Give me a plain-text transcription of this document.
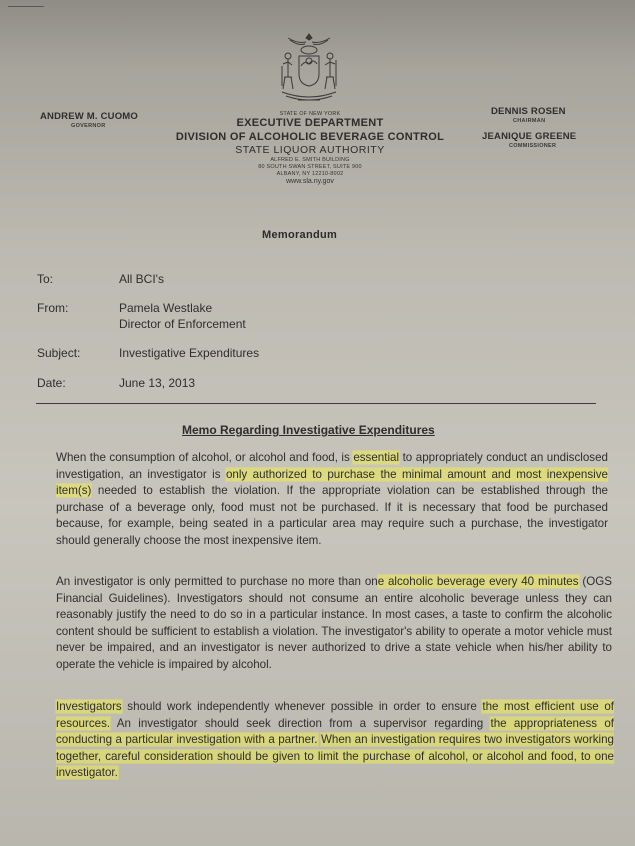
ANDREW M. CUOMO
GOVERNOR
DENNIS ROSEN
CHAIRMAN
JEANIQUE GREENE
COMMISSIONER
STATE OF NEW YORK
EXECUTIVE DEPARTMENT
DIVISION OF ALCOHOLIC BEVERAGE CONTROL
STATE LIQUOR AUTHORITY
ALFRED E. SMITH BUILDING
80 SOUTH SWAN STREET, SUITE 900
ALBANY, NY 12210-8002
www.sla.ny.gov
Memorandum
To:	All BCI's
From:	Pamela Westlake
Director of Enforcement
Subject:	Investigative Expenditures
Date:	June 13, 2013
Memo Regarding Investigative Expenditures
When the consumption of alcohol, or alcohol and food, is essential to appropriately conduct an undisclosed investigation, an investigator is only authorized to purchase the minimal amount and most inexpensive item(s) needed to establish the violation. If the appropriate violation can be established through the purchase of a beverage only, food must not be purchased. If it is necessary that food be purchased because, for example, being seated in a particular area may require such a purchase, the investigator should generally choose the most inexpensive item.
An investigator is only permitted to purchase no more than one alcoholic beverage every 40 minutes (OGS Financial Guidelines). Investigators should not consume an entire alcoholic beverage unless they can reasonably justify the need to do so in a particular instance. In most cases, a taste to confirm the alcoholic content should be sufficient to establish a violation. The investigator's ability to operate a motor vehicle must never be impaired, and an investigator is never authorized to drive a state vehicle when his/her ability to operate the vehicle is impaired by alcohol.
Investigators should work independently whenever possible in order to ensure the most efficient use of resources. An investigator should seek direction from a supervisor regarding the appropriateness of conducting a particular investigation with a partner. When an investigation requires two investigators working together, careful consideration should be given to limit the purchase of alcohol, or alcohol and food, to one investigator.
